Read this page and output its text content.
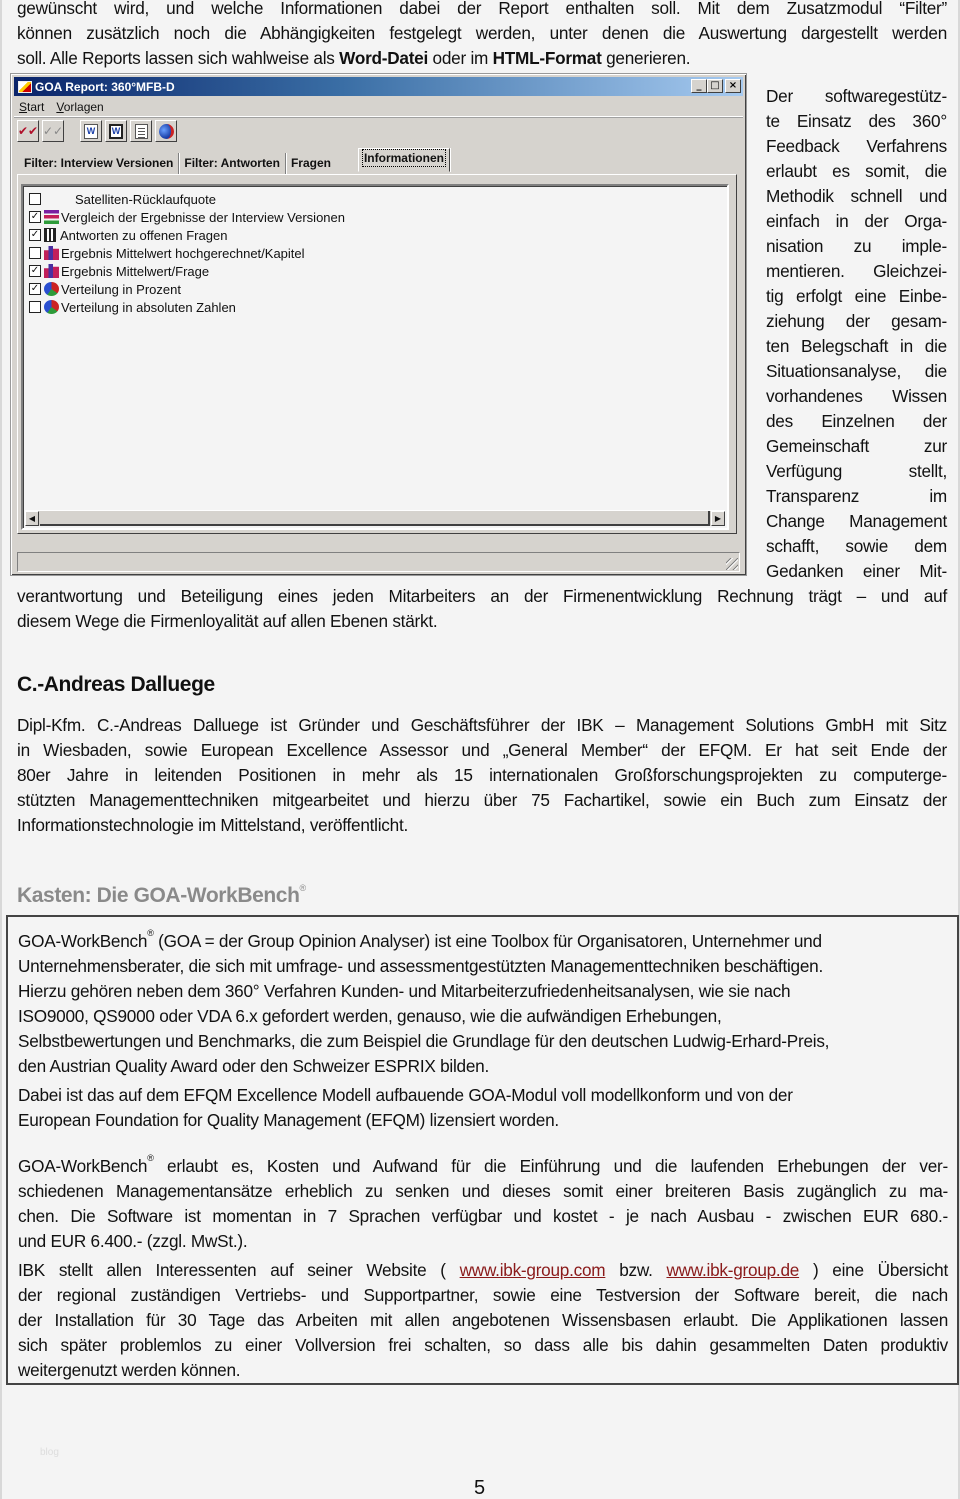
gewünscht wird, und welche Informationen dabei der Report enthalten soll. Mit dem Zusatzmodul “Filter”
können zusätzlich noch die Abhängigkeiten festgelegt werden, unter denen die Auswertung dargestellt werden
soll. Alle Reports lassen sich wahlweise als Word-Datei oder im HTML-Format generieren.
GOA Report: 360°MFB-D	_ □ ×
Start Vorlagen
✔✔ ✓✓	W	W
Filter: Interview Versionen Filter: Antworten Fragen	Informationen
Satelliten-Rücklaufquote
✓ Vergleich der Ergebnisse der Interview Versionen
✓ Antworten zu offenen Fragen
Ergebnis Mittelwert hochgerechnet/Kapitel
✓ Ergebnis Mittelwert/Frage
✓ Verteilung in Prozent
Verteilung in absoluten Zahlen
◀	▶

Der softwaregestütz-

te Einsatz des 360°

Feedback Verfahrens

erlaubt es somit, die

Methodik schnell und

einfach in der Orga-

nisation zu imple-

mentieren. Gleichzei-

tig erfolgt eine Einbe-

ziehung der gesam-

ten Belegschaft in die

Situationsanalyse, die

vorhandenes Wissen

des Einzelnen der

Gemeinschaft zur

Verfügung stellt,

Transparenz im

Change Management

schafft, sowie dem

Gedanken einer Mit-

verantwortung und Beteiligung eines jeden Mitarbeiters an der Firmenentwicklung Rechnung trägt – und auf
diesem Wege die Firmenloyalität auf allen Ebenen stärkt.
C.-Andreas Dalluege
Dipl-Kfm. C.-Andreas Dalluege ist Gründer und Geschäftsführer der IBK – Management Solutions GmbH mit Sitz
in Wiesbaden, sowie European Excellence Assessor und „General Member“ der EFQM. Er hat seit Ende der
80er Jahre in leitenden Positionen in mehr als 15 internationalen Großforschungsprojekten zu computerge-
stützten Managementtechniken mitgearbeitet und hierzu über 75 Fachartikel, sowie ein Buch zum Einsatz der
Informationstechnologie im Mittelstand, veröffentlicht.
Kasten: Die GOA-WorkBench®
GOA-WorkBench® (GOA = der Group Opinion Analyser) ist eine Toolbox für Organisatoren, Unternehmer und
Unternehmensberater, die sich mit umfrage- und assessmentgestützten Managementtechniken beschäftigen.
Hierzu gehören neben dem 360° Verfahren Kunden- und Mitarbeiterzufriedenheitsanalysen, wie sie nach
ISO9000, QS9000 oder VDA 6.x gefordert werden, genauso, wie die aufwändigen Erhebungen,
Selbstbewertungen und Benchmarks, die zum Beispiel die Grundlage für den deutschen Ludwig-Erhard-Preis,
den Austrian Quality Award oder den Schweizer ESPRIX bilden.
Dabei ist das auf dem EFQM Excellence Modell aufbauende GOA-Modul voll modellkonform und von der
European Foundation for Quality Management (EFQM) lizensiert worden.
GOA-WorkBench® erlaubt es, Kosten und Aufwand für die Einführung und die laufenden Erhebungen der ver-
schiedenen Managementansätze erheblich zu senken und dieses somit einer breiteren Basis zugänglich zu ma-
chen. Die Software ist momentan in 7 Sprachen verfügbar und kostet - je nach Ausbau - zwischen EUR 680.-
und EUR 6.400.- (zzgl. MwSt.).
IBK stellt allen Interessenten auf seiner Website ( www.ibk-group.com bzw. www.ibk-group.de ) eine Übersicht
der regional zuständigen Vertriebs- und Supportpartner, sowie eine Testversion der Software bereit, die nach
der Installation für 30 Tage das Arbeiten mit allen angebotenen Wissensbasen erlaubt. Die Applikationen lassen
sich später problemlos zu einer Vollversion frei schalten, so dass alle bis dahin gesammelten Daten produktiv
weitergenutzt werden können.
blog
5
